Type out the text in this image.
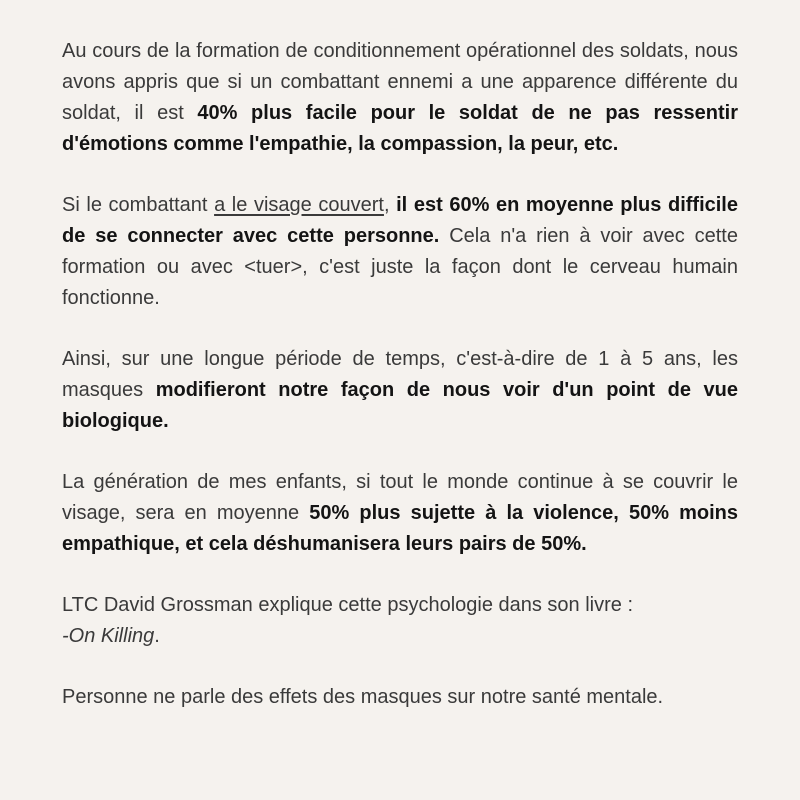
Au cours de la formation de conditionnement opérationnel des soldats, nous avons appris que si un combattant ennemi a une apparence différente du soldat, il est 40% plus facile pour le soldat de ne pas ressentir d'émotions comme l'empathie, la compassion, la peur, etc.

Si le combattant a le visage couvert, il est 60% en moyenne plus difficile de se connecter avec cette personne. Cela n'a rien à voir avec cette formation ou avec <tuer>, c'est juste la façon dont le cerveau humain fonctionne.

Ainsi, sur une longue période de temps, c'est-à-dire de 1 à 5 ans, les masques modifieront notre façon de nous voir d'un point de vue biologique.

La génération de mes enfants, si tout le monde continue à se couvrir le visage, sera en moyenne 50% plus sujette à la violence, 50% moins empathique, et cela déshumanisera leurs pairs de 50%.

LTC David Grossman explique cette psychologie dans son livre :
-On Killing.

Personne ne parle des effets des masques sur notre santé mentale.
